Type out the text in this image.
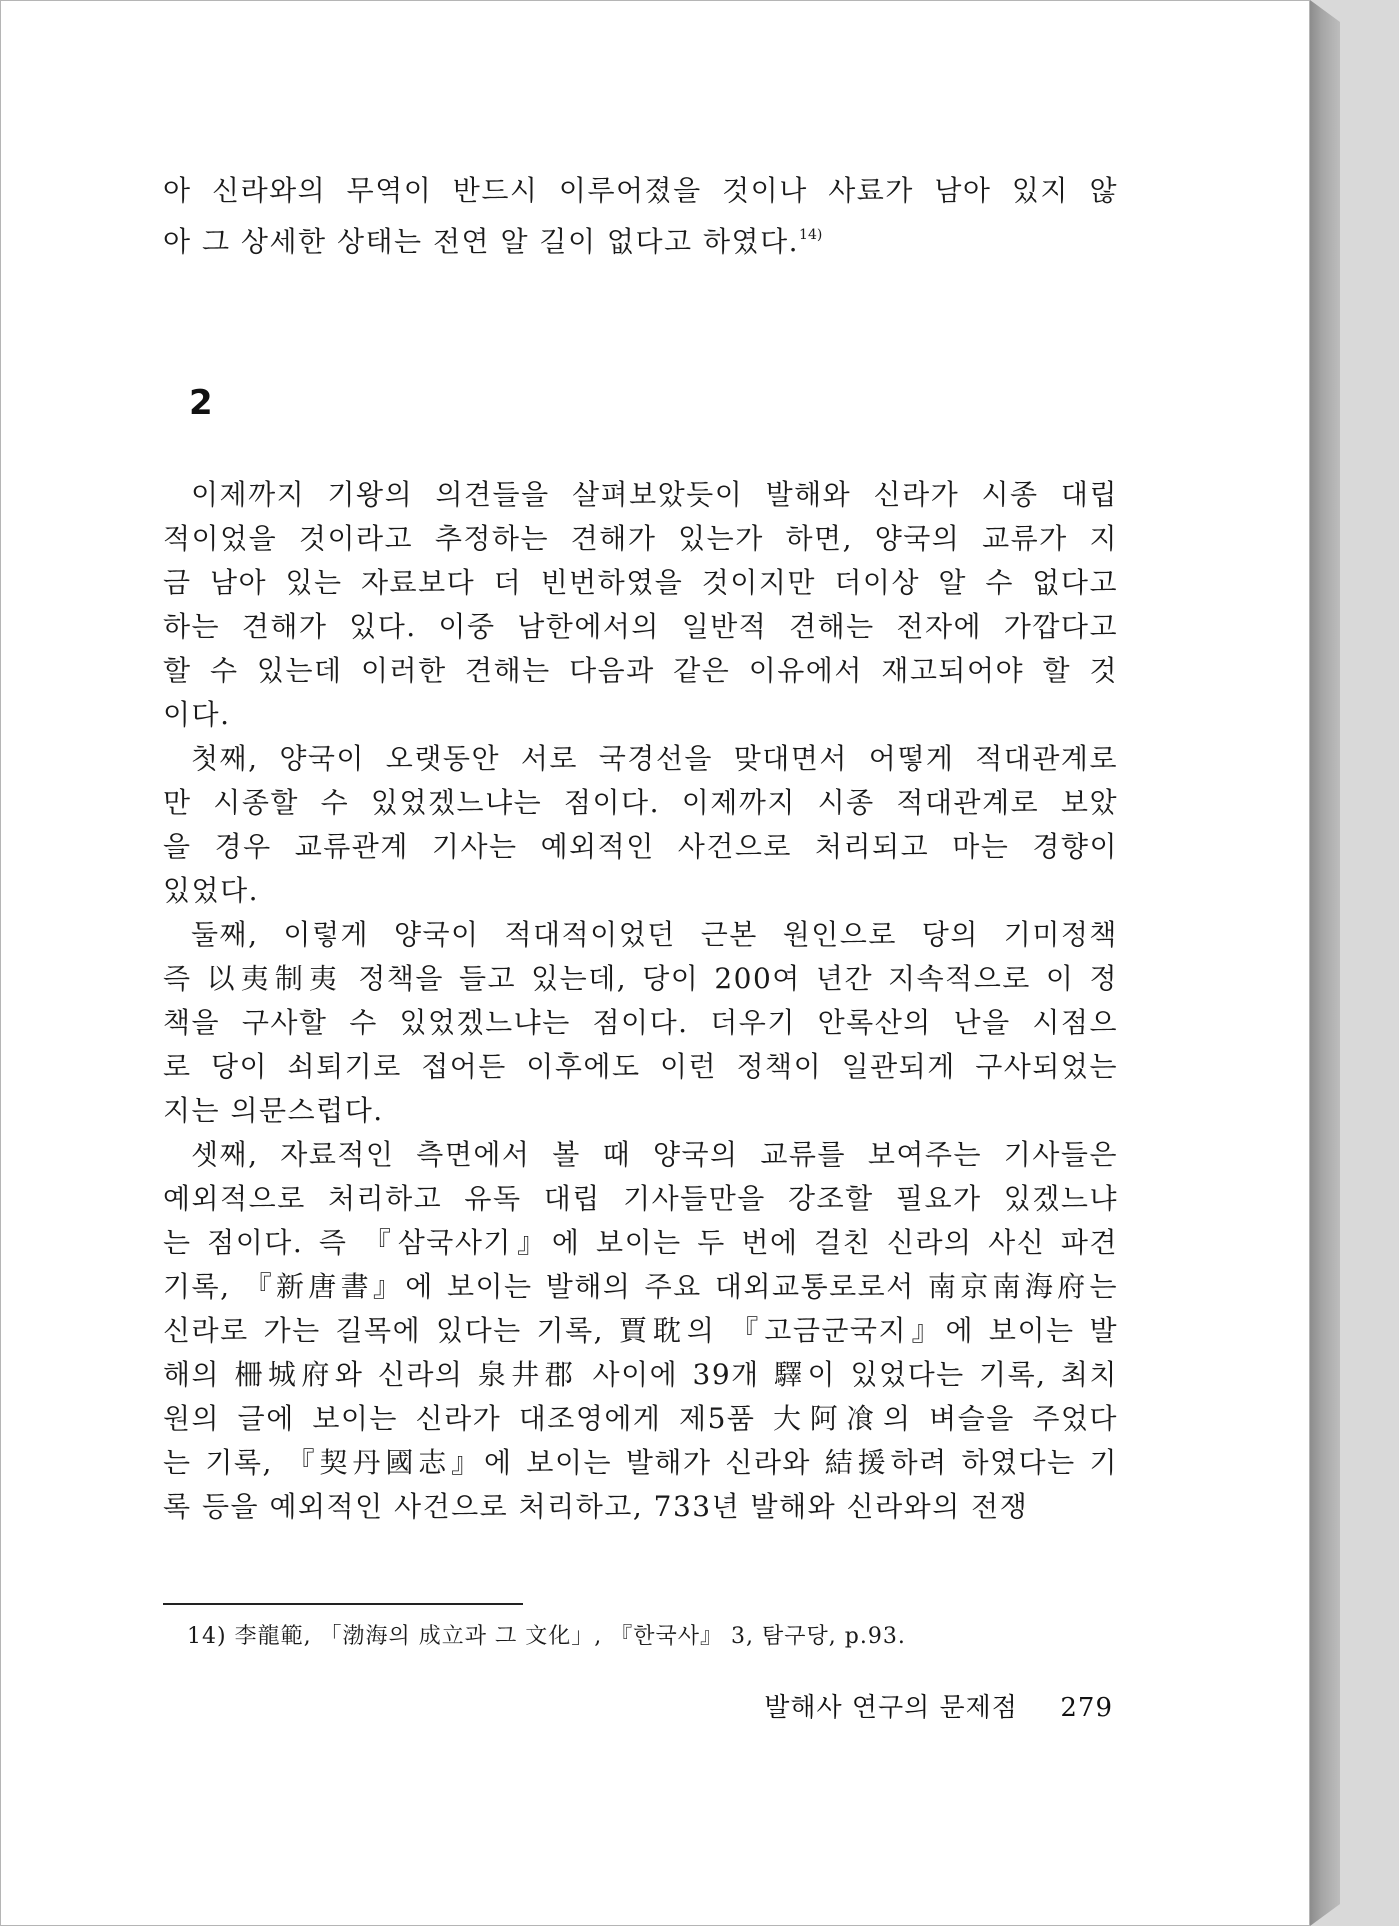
아 신라와의 무역이 반드시 이루어졌을 것이나 사료가 남아 있지 않
아 그 상세한 상태는 전연 알 길이 없다고 하였다.$^{14)}$
2
이제까지 기왕의 의견들을 살펴보았듯이 발해와 신라가 시종 대립
적이었을 것이라고 추정하는 견해가 있는가 하면, 양국의 교류가 지
금 남아 있는 자료보다 더 빈번하였을 것이지만 더이상 알 수 없다고
하는 견해가 있다. 이중 남한에서의 일반적 견해는 전자에 가깝다고
할 수 있는데 이러한 견해는 다음과 같은 이유에서 재고되어야 할 것
이다.
첫째, 양국이 오랫동안 서로 국경선을 맞대면서 어떻게 적대관계로
만 시종할 수 있었겠느냐는 점이다. 이제까지 시종 적대관계로 보았
을 경우 교류관계 기사는 예외적인 사건으로 처리되고 마는 경향이
있었다.
둘째, 이렇게 양국이 적대적이었던 근본 원인으로 당의 기미정책
즉 以夷制夷 정책을 들고 있는데, 당이 200여 년간 지속적으로 이 정
책을 구사할 수 있었겠느냐는 점이다. 더우기 안록산의 난을 시점으
로 당이 쇠퇴기로 접어든 이후에도 이런 정책이 일관되게 구사되었는
지는 의문스럽다.
셋째, 자료적인 측면에서 볼 때 양국의 교류를 보여주는 기사들은
예외적으로 처리하고 유독 대립 기사들만을 강조할 필요가 있겠느냐
는 점이다. 즉 『삼국사기』에 보이는 두 번에 걸친 신라의 사신 파견
기록, 『新唐書』에 보이는 발해의 주요 대외교통로로서 南京南海府는
신라로 가는 길목에 있다는 기록, 賈耽의 『고금군국지』에 보이는 발
해의 柵城府와 신라의 泉井郡 사이에 39개 驛이 있었다는 기록, 최치
원의 글에 보이는 신라가 대조영에게 제5품 大阿飡의 벼슬을 주었다
는 기록, 『契丹國志』에 보이는 발해가 신라와 結援하려 하였다는 기
록 등을 예외적인 사건으로 처리하고, 733년 발해와 신라와의 전쟁
14) 李龍範, 「渤海의 成立과 그 文化」, 『한국사』 3, 탐구당, p.93.
발해사 연구의 문제점 279
